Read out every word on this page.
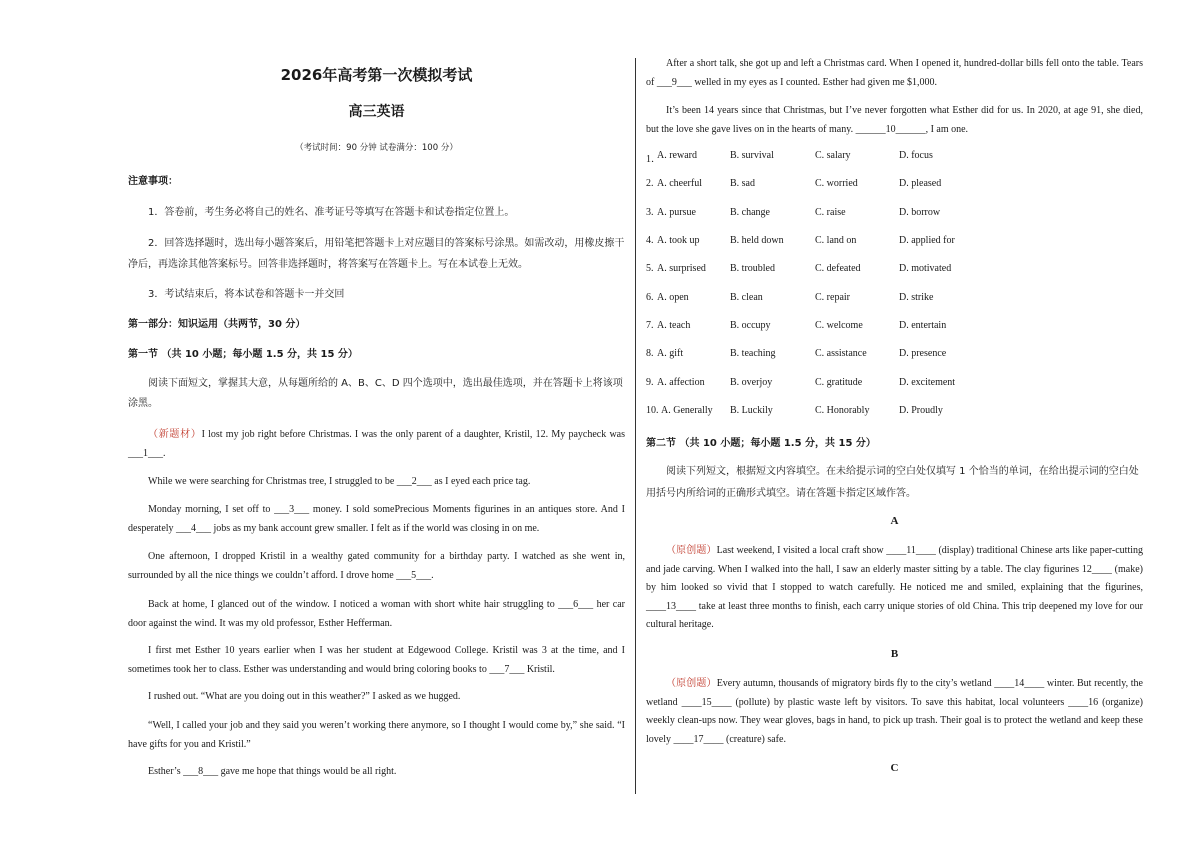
2026年高考第一次模拟考试
高三英语
（考试时间：90 分钟 试卷满分：100 分）
注意事项：
1．答卷前，考生务必将自己的姓名、准考证号等填写在答题卡和试卷指定位置上。
2．回答选择题时，选出每小题答案后，用铅笔把答题卡上对应题目的答案标号涂黑。如需改动，用橡皮擦干净后，再选涂其他答案标号。回答非选择题时，将答案写在答题卡上。写在本试卷上无效。
3．考试结束后，将本试卷和答题卡一并交回
第一部分：知识运用（共两节，30 分）
第一节 （共 10 小题；每小题 1.5 分，共 15 分）
阅读下面短文，掌握其大意，从每题所给的 A、B、C、D 四个选项中，选出最佳选项，并在答题卡上将该项涂黑。
（新题材）I lost my job right before Christmas. I was the only parent of a daughter, Kristil, 12. My paycheck was ___1___.
While we were searching for Christmas tree, I struggled to be ___2___ as I eyed each price tag.
Monday morning, I set off to ___3___ money. I sold somePrecious Moments figurines in an antiques store. And I desperately ___4___ jobs as my bank account grew smaller. I felt as if the world was closing in on me.
One afternoon, I dropped Kristil in a wealthy gated community for a birthday party. I watched as she went in, surrounded by all the nice things we couldn’t afford. I drove home ___5___.
Back at home, I glanced out of the window. I noticed a woman with short white hair struggling to ___6___ her car door against the wind. It was my old professor, Esther Hefferman.
I first met Esther 10 years earlier when I was her student at Edgewood College. Kristil was 3 at the time, and I sometimes took her to class. Esther was understanding and would bring coloring books to ___7___ Kristil.
I rushed out. “What are you doing out in this weather?” I asked as we hugged.
“Well, I called your job and they said you weren’t working there anymore, so I thought I would come by,” she said. “I have gifts for you and Kristil.”
Esther’s ___8___ gave me hope that things would be all right.
After a short talk, she got up and left a Christmas card. When I opened it, hundred-dollar bills fell onto the table. Tears of ___9___ welled in my eyes as I counted. Esther had given me $1,000.
It’s been 14 years since that Christmas, but I’ve never forgotten what Esther did for us. In 2020, at age 91, she died, but the love she gave lives on in the hearts of many. ______10______, I am one.
1．
A. reward	B. survival	C. salary	D. focus
2. A. cheerful	B. sad	C. worried	D. pleased
3. A. pursue	B. change	C. raise	D. borrow
4. A. took up	B. held down	C. land on	D. applied for
5. A. surprised B. troubled	C. defeated	D. motivated
6. A. open	B. clean	C. repair	D. strike
7. A. teach	B. occupy	C. welcome	D. entertain
8. A. gift	B. teaching	C. assistance	D. presence
9. A. affection	B. overjoy	C. gratitude	D. excitement
10. A. Generally B. Luckily	C. Honorably	D. Proudly
第二节 （共 10 小题；每小题 1.5 分，共 15 分）
阅读下列短文，根据短文内容填空。在未给提示词的空白处仅填写 1 个恰当的单词，在给出提示词的空白处用括号内所给词的正确形式填空。请在答题卡指定区域作答。
A
（原创题）Last weekend, I visited a local craft show ____11____ (display) traditional Chinese arts like paper-cutting and jade carving. When I walked into the hall, I saw an elderly master sitting by a table. The clay figurines 12____ (make) by him looked so vivid that I stopped to watch carefully. He noticed me and smiled, explaining that the figurines, ____13____ take at least three months to finish, each carry unique stories of old China. This trip deepened my love for our cultural heritage.
B
（原创题）Every autumn, thousands of migratory birds fly to the city’s wetland ____14____ winter. But recently, the wetland ____15____ (pollute) by plastic waste left by visitors. To save this habitat, local volunteers ____16 (organize) weekly clean-ups now. They wear gloves, bags in hand, to pick up trash. Their goal is to protect the wetland and keep these lovely ____17____ (creature) safe.
C
